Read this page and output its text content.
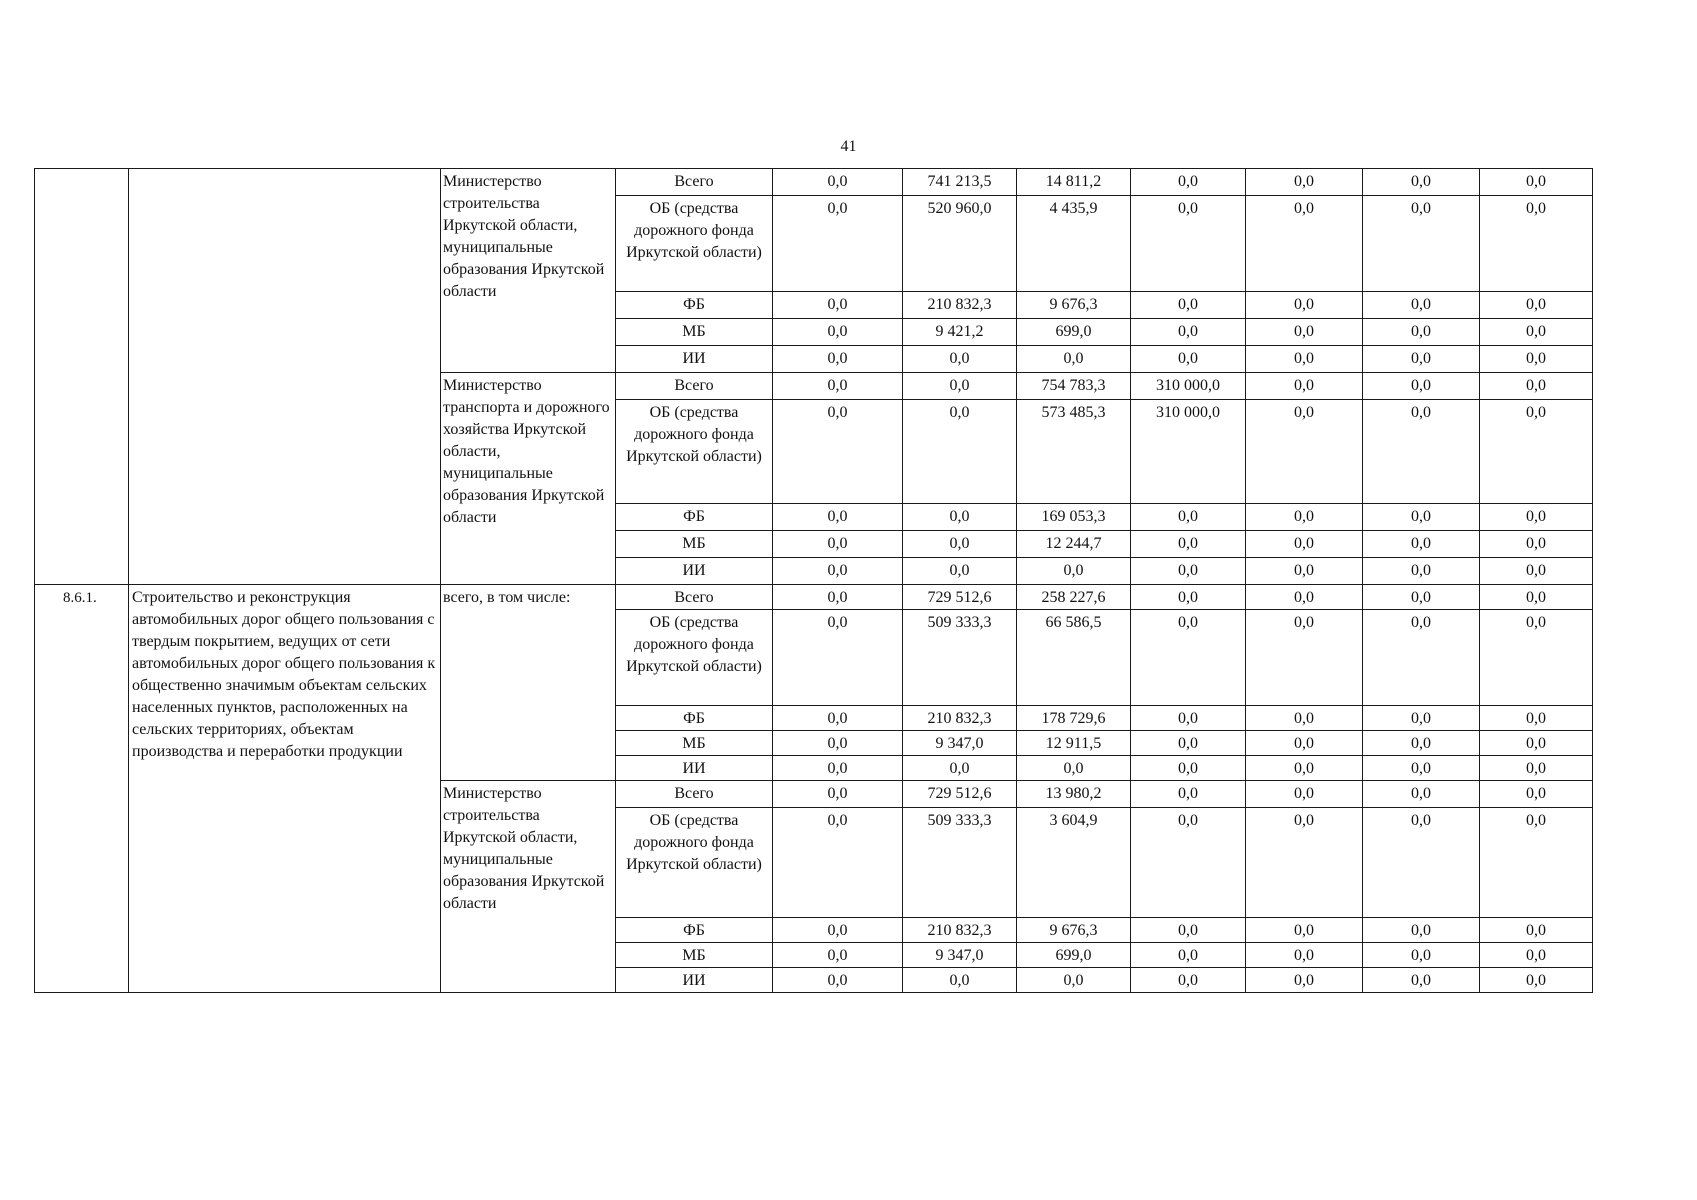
41
		Министерство строительства Иркутской области, муниципальные образования Иркутской области	Всего	0,0	741 213,5	14 811,2	0,0	0,0	0,0	0,0
			ОБ (средства дорожного фонда Иркутской области)	0,0	520 960,0	4 435,9	0,0	0,0	0,0	0,0
			ФБ	0,0	210 832,3	9 676,3	0,0	0,0	0,0	0,0
			МБ	0,0	9 421,2	699,0	0,0	0,0	0,0	0,0
			ИИ	0,0	0,0	0,0	0,0	0,0	0,0	0,0
		Министерство транспорта и дорожного хозяйства Иркутской области, муниципальные образования Иркутской области	Всего	0,0	0,0	754 783,3	310 000,0	0,0	0,0	0,0
			ОБ (средства дорожного фонда Иркутской области)	0,0	0,0	573 485,3	310 000,0	0,0	0,0	0,0
			ФБ	0,0	0,0	169 053,3	0,0	0,0	0,0	0,0
			МБ	0,0	0,0	12 244,7	0,0	0,0	0,0	0,0
			ИИ	0,0	0,0	0,0	0,0	0,0	0,0	0,0
8.6.1.	Строительство и реконструкция автомобильных дорог общего пользования с твердым покрытием, ведущих от сети автомобильных дорог общего пользования к общественно значимым объектам сельских населенных пунктов, расположенных на сельских территориях, объектам производства и переработки продукции	всего, в том числе:	Всего	0,0	729 512,6	258 227,6	0,0	0,0	0,0	0,0
			ОБ (средства дорожного фонда Иркутской области)	0,0	509 333,3	66 586,5	0,0	0,0	0,0	0,0
			ФБ	0,0	210 832,3	178 729,6	0,0	0,0	0,0	0,0
			МБ	0,0	9 347,0	12 911,5	0,0	0,0	0,0	0,0
			ИИ	0,0	0,0	0,0	0,0	0,0	0,0	0,0
		Министерство строительства Иркутской области, муниципальные образования Иркутской области	Всего	0,0	729 512,6	13 980,2	0,0	0,0	0,0	0,0
			ОБ (средства дорожного фонда Иркутской области)	0,0	509 333,3	3 604,9	0,0	0,0	0,0	0,0
			ФБ	0,0	210 832,3	9 676,3	0,0	0,0	0,0	0,0
			МБ	0,0	9 347,0	699,0	0,0	0,0	0,0	0,0
			ИИ	0,0	0,0	0,0	0,0	0,0	0,0	0,0
